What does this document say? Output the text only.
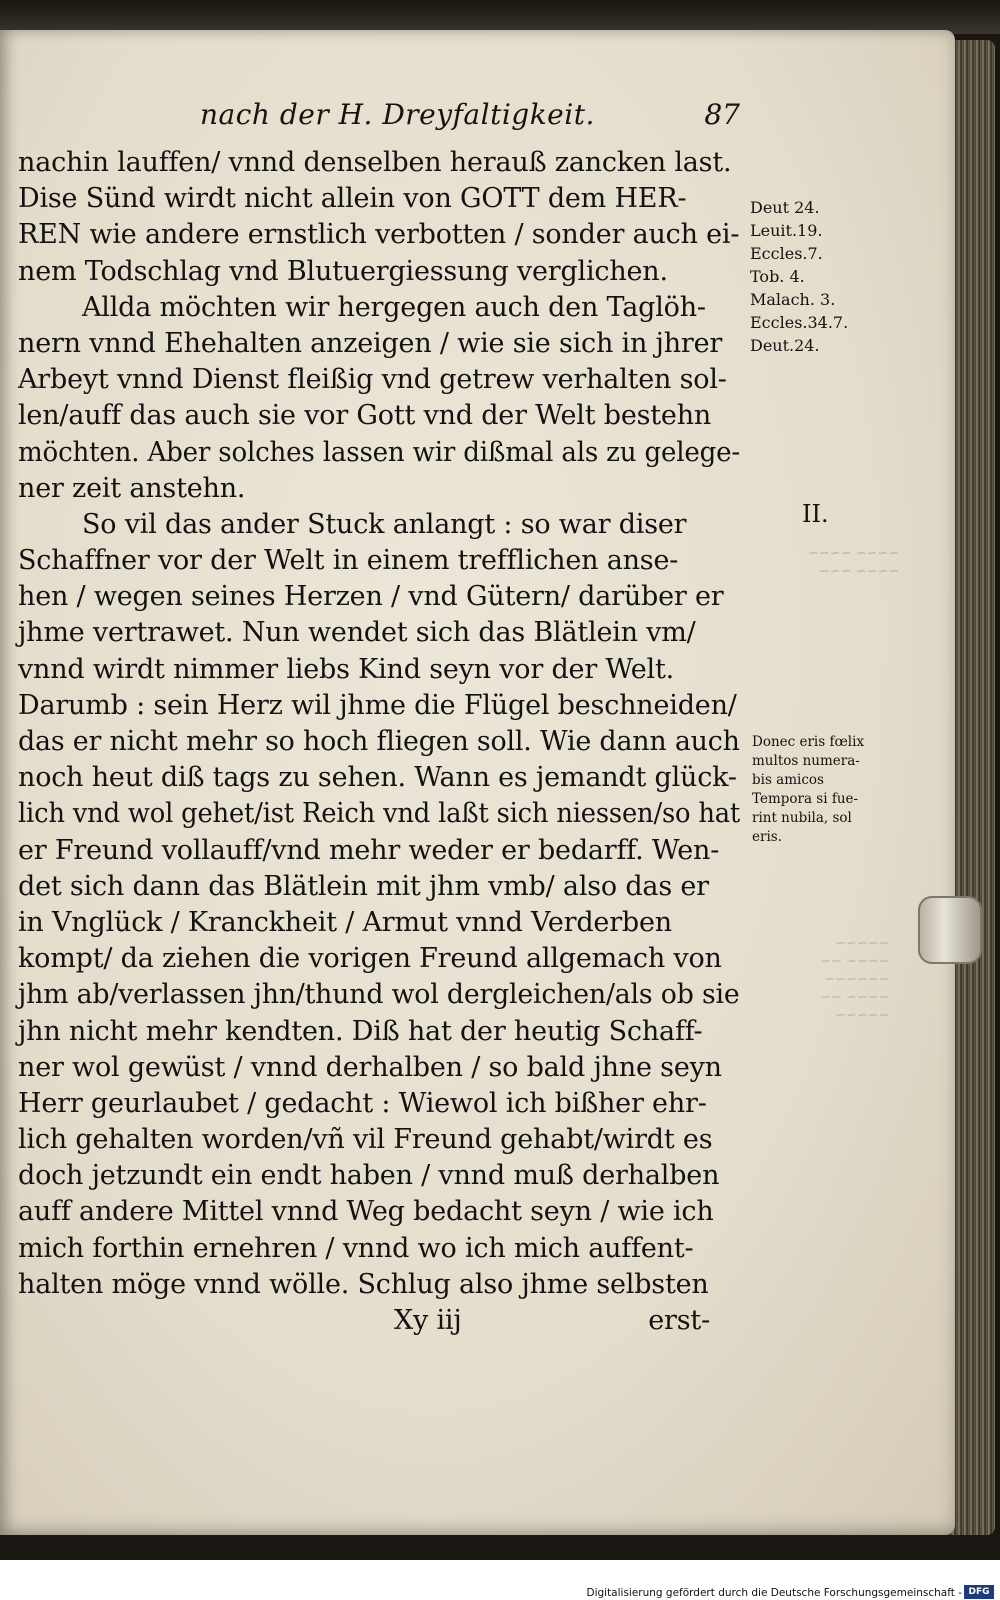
~~~~ ~~~~
~~~~ ~~~
~~~~~
~~~~ ~~
~~~~~~
~~~~ ~~
~~~~~
nach der H. Dreyfaltigkeit.	87
nachin lauffen/ vnnd denselben herauß zancken last.
Dise Sünd wirdt nicht allein von GOTT dem HER-
REN wie andere ernstlich verbotten / sonder auch ei-
nem Todschlag vnd Blutuergiessung verglichen.
Allda möchten wir hergegen auch den Taglöh-
nern vnnd Ehehalten anzeigen / wie sie sich in jhrer
Arbeyt vnnd Dienst fleißig vnd getrew verhalten sol-
len/auff das auch sie vor Gott vnd der Welt bestehn
möchten. Aber solches lassen wir dißmal als zu gelege-
ner zeit anstehn.
So vil das ander Stuck anlangt : so war diser
Schaffner vor der Welt in einem trefflichen anse-
hen / wegen seines Herzen / vnd Gütern/ darüber er
jhme vertrawet. Nun wendet sich das Blätlein vm/
vnnd wirdt nimmer liebs Kind seyn vor der Welt.
Darumb : sein Herz wil jhme die Flügel beschneiden/
das er nicht mehr so hoch fliegen soll. Wie dann auch
noch heut diß tags zu sehen. Wann es jemandt glück-
lich vnd wol gehet/ist Reich vnd laßt sich niessen/so hat
er Freund vollauff/vnd mehr weder er bedarff. Wen-
det sich dann das Blätlein mit jhm vmb/ also das er
in Vnglück / Kranckheit / Armut vnnd Verderben
kompt/ da ziehen die vorigen Freund allgemach von
jhm ab/verlassen jhn/thund wol dergleichen/als ob sie
jhn nicht mehr kendten. Diß hat der heutig Schaff-
ner wol gewüst / vnnd derhalben / so bald jhne seyn
Herr geurlaubet / gedacht : Wiewol ich bißher ehr-
lich gehalten worden/vñ vil Freund gehabt/wirdt es
doch jetzundt ein endt haben / vnnd muß derhalben
auff andere Mittel vnnd Weg bedacht seyn / wie ich
mich forthin ernehren / vnnd wo ich mich auffent-
halten möge vnnd wölle. Schlug also jhme selbsten
Xy iij	erst-
Deut 24.
Leuit.19.
Eccles.7.
Tob. 4.
Malach. 3.
Eccles.34.7.
Deut.24.
II.
Donec eris fœlix
multos numera-
bis amicos
Tempora si fue-
rint nubila, sol
eris.
Digitalisierung gefördert durch die Deutsche Forschungsgemeinschaft - DFG
